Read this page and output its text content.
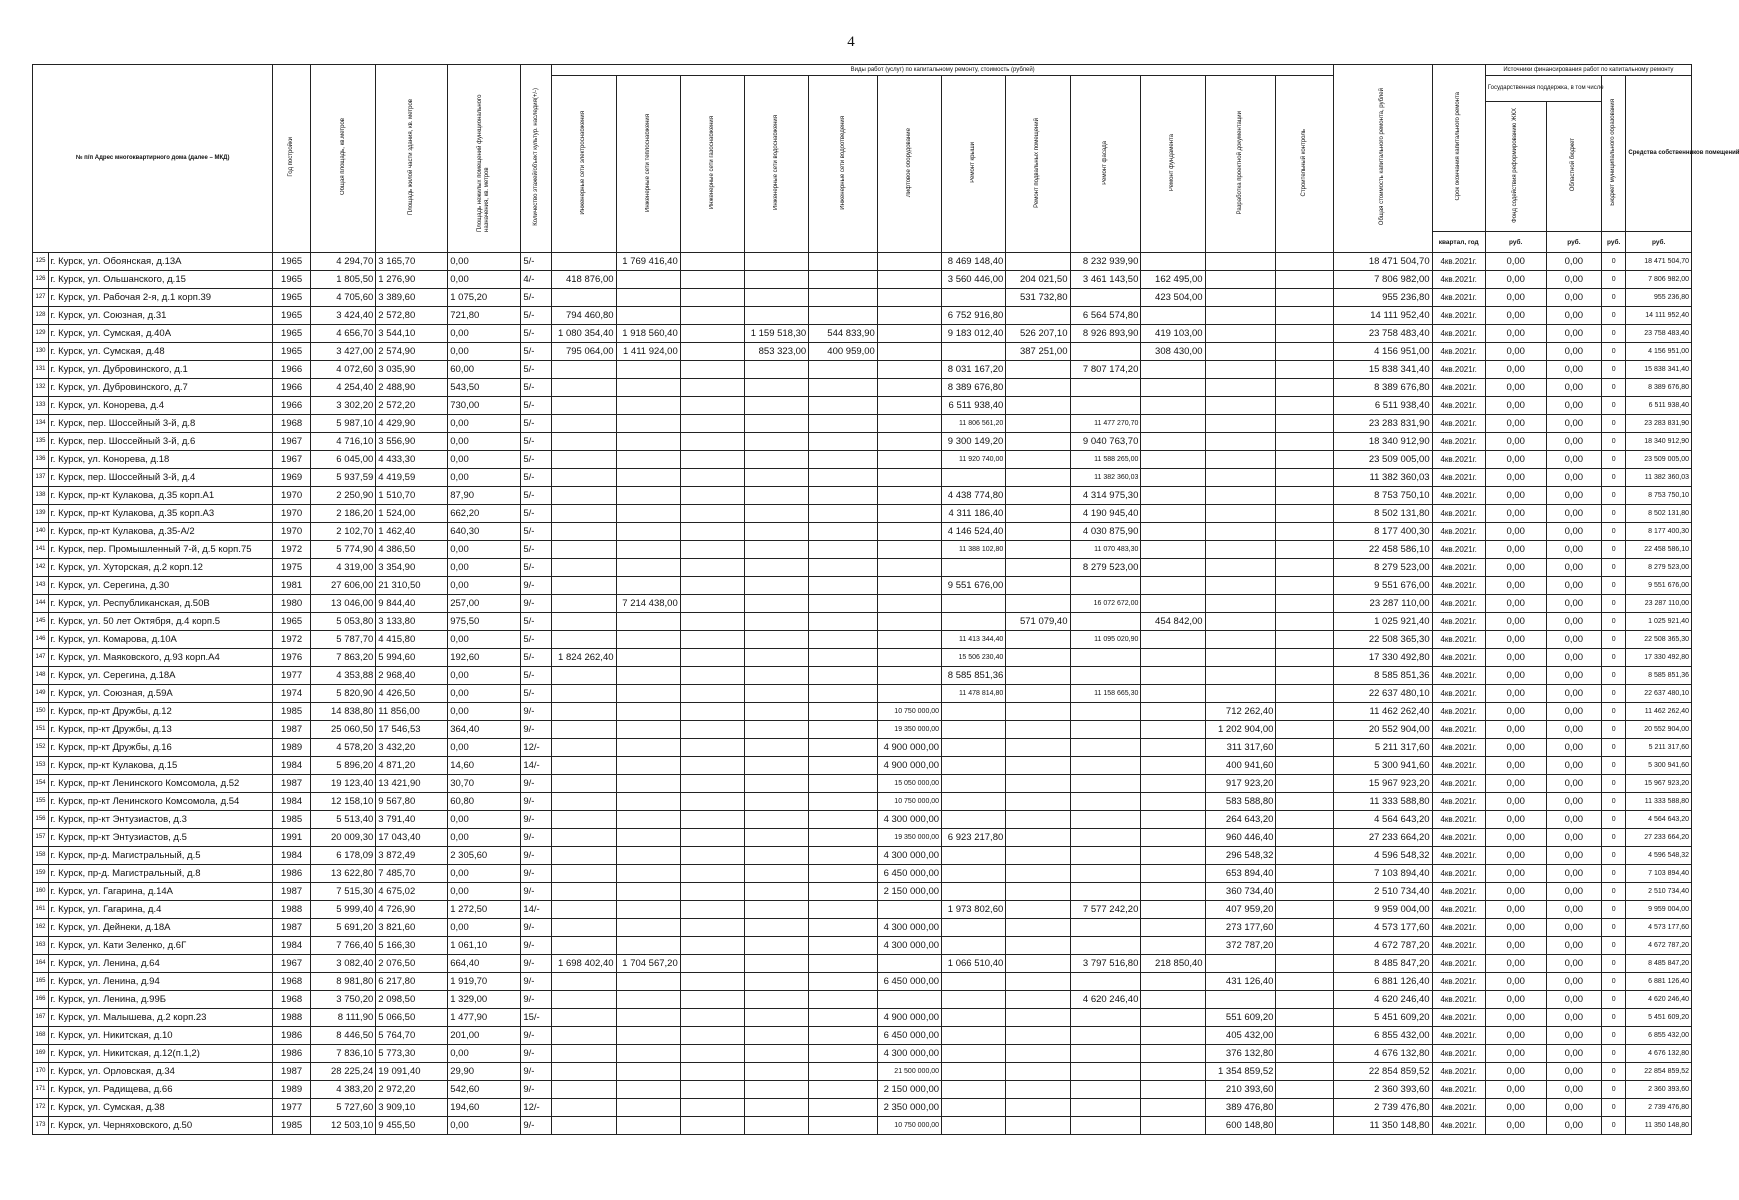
4
№ п/п Адрес многоквартирного дома (далее – МКД)		Год постройки	Общая площадь, кв.метров	Площадь жилой части здания, кв. метров	Площадь нежилых помещений функционального назначения, кв. метров	Количество этажей/объект культур. наследия(+/-)	Виды работ (услуг) по капитальному ремонту, стоимость (рублей)												Общая стоимость капитального ремонта, рублей	Срок окончания капитального ремонта	Источники финансирования работ по капитальному ремонту			
							Инженерные сети электроснабжения	Инженерные сети теплоснабжения	Инженерные сети газоснабжения	Инженерные сети водоснабжения	Инженерные сети водоотведения	Лифтовое оборудование	Ремонт крыши	Ремонт подвальных помещений	Ремонт фасада	Ремонт фундамента	Разработка проектной документации	Строительный контроль			Государственная поддержка, в том числе		Бюджет муниципального образования	Средства собственников помещений
																					Фонд содействия реформированию ЖКХ	Областной бюджет		
																				квартал, год	руб.	руб.	руб.	руб.
125	г. Курск, ул. Обоянская, д.13А	1965	4 294,70	3 165,70	0,00	5/-		1 769 416,40					8 469 148,40		8 232 939,90				18 471 504,70	4кв.2021г.	0,00	0,00	0	18 471 504,70
126	г. Курск, ул. Ольшанского, д.15	1965	1 805,50	1 276,90	0,00	4/-	418 876,00						3 560 446,00	204 021,50	3 461 143,50	162 495,00			7 806 982,00	4кв.2021г.	0,00	0,00	0	7 806 982,00
127	г. Курск, ул. Рабочая 2-я, д.1 корп.39	1965	4 705,60	3 389,60	1 075,20	5/-								531 732,80		423 504,00			955 236,80	4кв.2021г.	0,00	0,00	0	955 236,80
128	г. Курск, ул. Союзная, д.31	1965	3 424,40	2 572,80	721,80	5/-	794 460,80						6 752 916,80		6 564 574,80				14 111 952,40	4кв.2021г.	0,00	0,00	0	14 111 952,40
129	г. Курск, ул. Сумская, д.40А	1965	4 656,70	3 544,10	0,00	5/-	1 080 354,40	1 918 560,40		1 159 518,30	544 833,90		9 183 012,40	526 207,10	8 926 893,90	419 103,00			23 758 483,40	4кв.2021г.	0,00	0,00	0	23 758 483,40
130	г. Курск, ул. Сумская, д.48	1965	3 427,00	2 574,90	0,00	5/-	795 064,00	1 411 924,00		853 323,00	400 959,00			387 251,00		308 430,00			4 156 951,00	4кв.2021г.	0,00	0,00	0	4 156 951,00
131	г. Курск, ул. Дубровинского, д.1	1966	4 072,60	3 035,90	60,00	5/-							8 031 167,20		7 807 174,20				15 838 341,40	4кв.2021г.	0,00	0,00	0	15 838 341,40
132	г. Курск, ул. Дубровинского, д.7	1966	4 254,40	2 488,90	543,50	5/-							8 389 676,80						8 389 676,80	4кв.2021г.	0,00	0,00	0	8 389 676,80
133	г. Курск, ул. Конорева, д.4	1966	3 302,20	2 572,20	730,00	5/-							6 511 938,40						6 511 938,40	4кв.2021г.	0,00	0,00	0	6 511 938,40
134	г. Курск, пер. Шоссейный 3-й, д.8	1968	5 987,10	4 429,90	0,00	5/-							11 806 561,20		11 477 270,70				23 283 831,90	4кв.2021г.	0,00	0,00	0	23 283 831,90
135	г. Курск, пер. Шоссейный 3-й, д.6	1967	4 716,10	3 556,90	0,00	5/-							9 300 149,20		9 040 763,70				18 340 912,90	4кв.2021г.	0,00	0,00	0	18 340 912,90
136	г. Курск, ул. Конорева, д.18	1967	6 045,00	4 433,30	0,00	5/-							11 920 740,00		11 588 265,00				23 509 005,00	4кв.2021г.	0,00	0,00	0	23 509 005,00
137	г. Курск, пер. Шоссейный 3-й, д.4	1969	5 937,59	4 419,59	0,00	5/-									11 382 360,03				11 382 360,03	4кв.2021г.	0,00	0,00	0	11 382 360,03
138	г. Курск, пр-кт Кулакова, д.35 корп.А1	1970	2 250,90	1 510,70	87,90	5/-							4 438 774,80		4 314 975,30				8 753 750,10	4кв.2021г.	0,00	0,00	0	8 753 750,10
139	г. Курск, пр-кт Кулакова, д.35 корп.А3	1970	2 186,20	1 524,00	662,20	5/-							4 311 186,40		4 190 945,40				8 502 131,80	4кв.2021г.	0,00	0,00	0	8 502 131,80
140	г. Курск, пр-кт Кулакова, д.35-А/2	1970	2 102,70	1 462,40	640,30	5/-							4 146 524,40		4 030 875,90				8 177 400,30	4кв.2021г.	0,00	0,00	0	8 177 400,30
141	г. Курск, пер. Промышленный 7-й, д.5 корп.75	1972	5 774,90	4 386,50	0,00	5/-							11 388 102,80		11 070 483,30				22 458 586,10	4кв.2021г.	0,00	0,00	0	22 458 586,10
142	г. Курск, ул. Хуторская, д.2 корп.12	1975	4 319,00	3 354,90	0,00	5/-									8 279 523,00				8 279 523,00	4кв.2021г.	0,00	0,00	0	8 279 523,00
143	г. Курск, ул. Серегина, д.30	1981	27 606,00	21 310,50	0,00	9/-							9 551 676,00						9 551 676,00	4кв.2021г.	0,00	0,00	0	9 551 676,00
144	г. Курск, ул. Республиканская, д.50В	1980	13 046,00	9 844,40	257,00	9/-		7 214 438,00							16 072 672,00				23 287 110,00	4кв.2021г.	0,00	0,00	0	23 287 110,00
145	г. Курск, ул. 50 лет Октября, д.4 корп.5	1965	5 053,80	3 133,80	975,50	5/-								571 079,40		454 842,00			1 025 921,40	4кв.2021г.	0,00	0,00	0	1 025 921,40
146	г. Курск, ул. Комарова, д.10А	1972	5 787,70	4 415,80	0,00	5/-							11 413 344,40		11 095 020,90				22 508 365,30	4кв.2021г.	0,00	0,00	0	22 508 365,30
147	г. Курск, ул. Маяковского, д.93 корп.А4	1976	7 863,20	5 994,60	192,60	5/-	1 824 262,40						15 506 230,40						17 330 492,80	4кв.2021г.	0,00	0,00	0	17 330 492,80
148	г. Курск, ул. Серегина, д.18А	1977	4 353,88	2 968,40	0,00	5/-							8 585 851,36						8 585 851,36	4кв.2021г.	0,00	0,00	0	8 585 851,36
149	г. Курск, ул. Союзная, д.59А	1974	5 820,90	4 426,50	0,00	5/-							11 478 814,80		11 158 665,30				22 637 480,10	4кв.2021г.	0,00	0,00	0	22 637 480,10
150	г. Курск, пр-кт Дружбы, д.12	1985	14 838,80	11 856,00	0,00	9/-						10 750 000,00					712 262,40		11 462 262,40	4кв.2021г.	0,00	0,00	0	11 462 262,40
151	г. Курск, пр-кт Дружбы, д.13	1987	25 060,50	17 546,53	364,40	9/-						19 350 000,00					1 202 904,00		20 552 904,00	4кв.2021г.	0,00	0,00	0	20 552 904,00
152	г. Курск, пр-кт Дружбы, д.16	1989	4 578,20	3 432,20	0,00	12/-						4 900 000,00					311 317,60		5 211 317,60	4кв.2021г.	0,00	0,00	0	5 211 317,60
153	г. Курск, пр-кт Кулакова, д.15	1984	5 896,20	4 871,20	14,60	14/-						4 900 000,00					400 941,60		5 300 941,60	4кв.2021г.	0,00	0,00	0	5 300 941,60
154	г. Курск, пр-кт Ленинского Комсомола, д.52	1987	19 123,40	13 421,90	30,70	9/-						15 050 000,00					917 923,20		15 967 923,20	4кв.2021г.	0,00	0,00	0	15 967 923,20
155	г. Курск, пр-кт Ленинского Комсомола, д.54	1984	12 158,10	9 567,80	60,80	9/-						10 750 000,00					583 588,80		11 333 588,80	4кв.2021г.	0,00	0,00	0	11 333 588,80
156	г. Курск, пр-кт Энтузиастов, д.3	1985	5 513,40	3 791,40	0,00	9/-						4 300 000,00					264 643,20		4 564 643,20	4кв.2021г.	0,00	0,00	0	4 564 643,20
157	г. Курск, пр-кт Энтузиастов, д.5	1991	20 009,30	17 043,40	0,00	9/-						19 350 000,00	6 923 217,80				960 446,40		27 233 664,20	4кв.2021г.	0,00	0,00	0	27 233 664,20
158	г. Курск, пр-д. Магистральный, д.5	1984	6 178,09	3 872,49	2 305,60	9/-						4 300 000,00					296 548,32		4 596 548,32	4кв.2021г.	0,00	0,00	0	4 596 548,32
159	г. Курск, пр-д. Магистральный, д.8	1986	13 622,80	7 485,70	0,00	9/-						6 450 000,00					653 894,40		7 103 894,40	4кв.2021г.	0,00	0,00	0	7 103 894,40
160	г. Курск, ул. Гагарина, д.14А	1987	7 515,30	4 675,02	0,00	9/-						2 150 000,00					360 734,40		2 510 734,40	4кв.2021г.	0,00	0,00	0	2 510 734,40
161	г. Курск, ул. Гагарина, д.4	1988	5 999,40	4 726,90	1 272,50	14/-							1 973 802,60		7 577 242,20		407 959,20		9 959 004,00	4кв.2021г.	0,00	0,00	0	9 959 004,00
162	г. Курск, ул. Дейнеки, д.18А	1987	5 691,20	3 821,60	0,00	9/-						4 300 000,00					273 177,60		4 573 177,60	4кв.2021г.	0,00	0,00	0	4 573 177,60
163	г. Курск, ул. Кати Зеленко, д.6Г	1984	7 766,40	5 166,30	1 061,10	9/-						4 300 000,00					372 787,20		4 672 787,20	4кв.2021г.	0,00	0,00	0	4 672 787,20
164	г. Курск, ул. Ленина, д.64	1967	3 082,40	2 076,50	664,40	9/-	1 698 402,40	1 704 567,20					1 066 510,40		3 797 516,80	218 850,40			8 485 847,20	4кв.2021г.	0,00	0,00	0	8 485 847,20
165	г. Курск, ул. Ленина, д.94	1968	8 981,80	6 217,80	1 919,70	9/-						6 450 000,00					431 126,40		6 881 126,40	4кв.2021г.	0,00	0,00	0	6 881 126,40
166	г. Курск, ул. Ленина, д.99Б	1968	3 750,20	2 098,50	1 329,00	9/-									4 620 246,40				4 620 246,40	4кв.2021г.	0,00	0,00	0	4 620 246,40
167	г. Курск, ул. Малышева, д.2 корп.23	1988	8 111,90	5 066,50	1 477,90	15/-						4 900 000,00					551 609,20		5 451 609,20	4кв.2021г.	0,00	0,00	0	5 451 609,20
168	г. Курск, ул. Никитская, д.10	1986	8 446,50	5 764,70	201,00	9/-						6 450 000,00					405 432,00		6 855 432,00	4кв.2021г.	0,00	0,00	0	6 855 432,00
169	г. Курск, ул. Никитская, д.12(п.1,2)	1986	7 836,10	5 773,30	0,00	9/-						4 300 000,00					376 132,80		4 676 132,80	4кв.2021г.	0,00	0,00	0	4 676 132,80
170	г. Курск, ул. Орловская, д.34	1987	28 225,24	19 091,40	29,90	9/-						21 500 000,00					1 354 859,52		22 854 859,52	4кв.2021г.	0,00	0,00	0	22 854 859,52
171	г. Курск, ул. Радищева, д.66	1989	4 383,20	2 972,20	542,60	9/-						2 150 000,00					210 393,60		2 360 393,60	4кв.2021г.	0,00	0,00	0	2 360 393,60
172	г. Курск, ул. Сумская, д.38	1977	5 727,60	3 909,10	194,60	12/-						2 350 000,00					389 476,80		2 739 476,80	4кв.2021г.	0,00	0,00	0	2 739 476,80
173	г. Курск, ул. Черняховского, д.50	1985	12 503,10	9 455,50	0,00	9/-						10 750 000,00					600 148,80		11 350 148,80	4кв.2021г.	0,00	0,00	0	11 350 148,80
